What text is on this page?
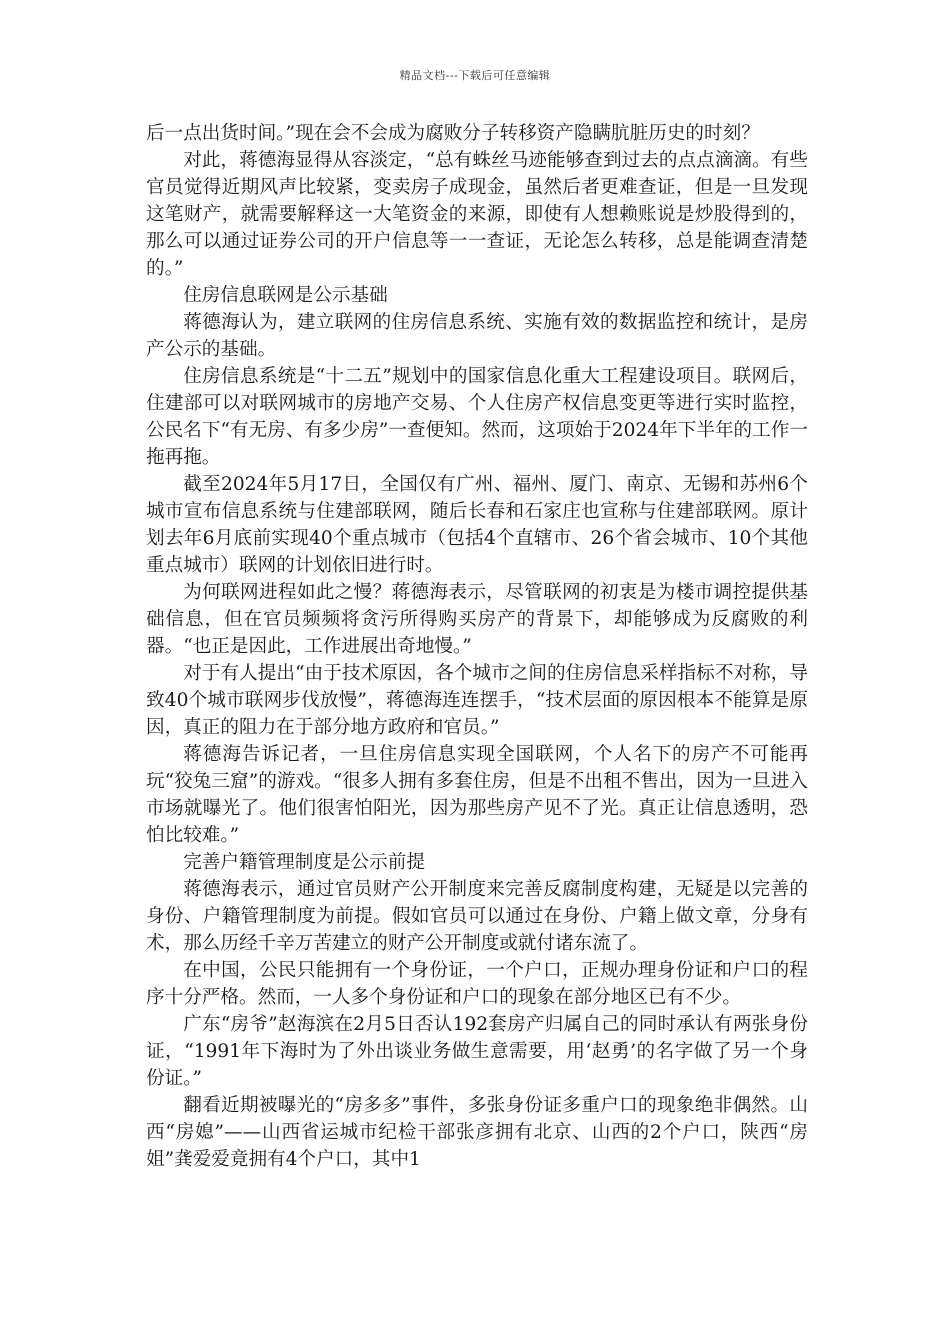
精品文档---下载后可任意编辑

后一点出货时间。”现在会不会成为腐败分子转移资产隐瞒肮脏历史的时刻？

对此，蒋德海显得从容淡定，“总有蛛丝马迹能够查到过去的点点滴滴。有些官员觉得近期风声比较紧，变卖房子成现金，虽然后者更难查证，但是一旦发现这笔财产，就需要解释这一大笔资金的来源，即使有人想赖账说是炒股得到的，那么可以通过证券公司的开户信息等一一查证，无论怎么转移，总是能调查清楚的。”

住房信息联网是公示基础

蒋德海认为，建立联网的住房信息系统、实施有效的数据监控和统计，是房产公示的基础。

住房信息系统是“十二五”规划中的国家信息化重大工程建设项目。联网后，住建部可以对联网城市的房地产交易、个人住房产权信息变更等进行实时监控，公民名下“有无房、有多少房”一查便知。然而，这项始于2024年下半年的工作一拖再拖。

截至2024年5月17日，全国仅有广州、福州、厦门、南京、无锡和苏州6个城市宣布信息系统与住建部联网，随后长春和石家庄也宣称与住建部联网。原计划去年6月底前实现40个重点城市（包括4个直辖市、26个省会城市、10个其他重点城市）联网的计划依旧进行时。

为何联网进程如此之慢？蒋德海表示，尽管联网的初衷是为楼市调控提供基础信息，但在官员频频将贪污所得购买房产的背景下，却能够成为反腐败的利器。“也正是因此，工作进展出奇地慢。”

对于有人提出“由于技术原因，各个城市之间的住房信息采样指标不对称，导致40个城市联网步伐放慢”，蒋德海连连摆手，“技术层面的原因根本不能算是原因，真正的阻力在于部分地方政府和官员。”

蒋德海告诉记者，一旦住房信息实现全国联网，个人名下的房产不可能再玩“狡兔三窟”的游戏。“很多人拥有多套住房，但是不出租不售出，因为一旦进入市场就曝光了。他们很害怕阳光，因为那些房产见不了光。真正让信息透明，恐怕比较难。”

完善户籍管理制度是公示前提

蒋德海表示，通过官员财产公开制度来完善反腐制度构建，无疑是以完善的身份、户籍管理制度为前提。假如官员可以通过在身份、户籍上做文章，分身有术，那么历经千辛万苦建立的财产公开制度或就付诸东流了。

在中国，公民只能拥有一个身份证，一个户口，正规办理身份证和户口的程序十分严格。然而，一人多个身份证和户口的现象在部分地区已有不少。

广东“房爷”赵海滨在2月5日否认192套房产归属自己的同时承认有两张身份证，“1991年下海时为了外出谈业务做生意需要，用‘赵勇’的名字做了另一个身份证。”

翻看近期被曝光的“房多多”事件，多张身份证多重户口的现象绝非偶然。山西“房媳”——山西省运城市纪检干部张彦拥有北京、山西的2个户口，陕西“房姐”龚爱爱竟拥有4个户口，其中1
